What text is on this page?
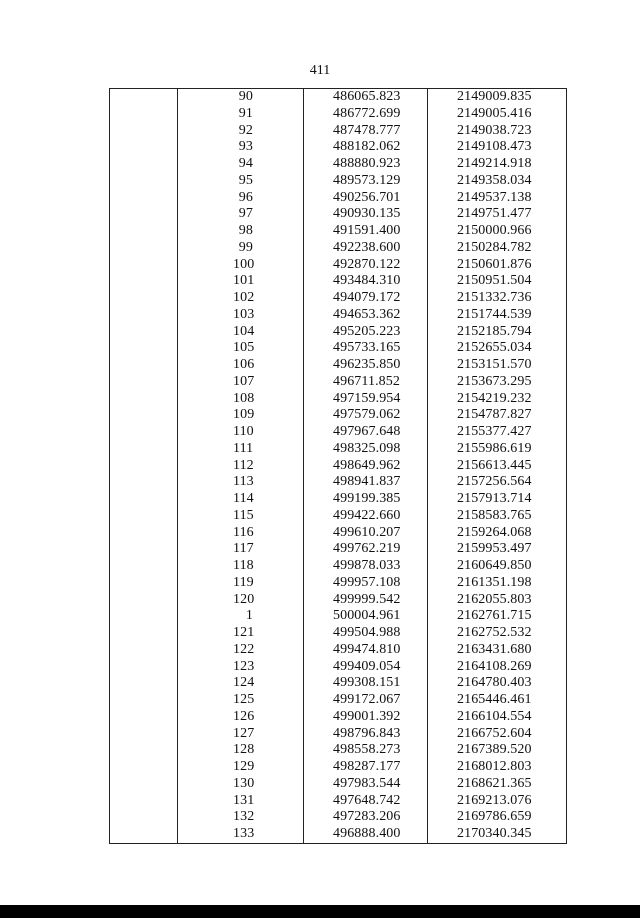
411
90	486065.823	2149009.835
91	486772.699	2149005.416
92	487478.777	2149038.723
93	488182.062	2149108.473
94	488880.923	2149214.918
95	489573.129	2149358.034
96	490256.701	2149537.138
97	490930.135	2149751.477
98	491591.400	2150000.966
99	492238.600	2150284.782
100	492870.122	2150601.876
101	493484.310	2150951.504
102	494079.172	2151332.736
103	494653.362	2151744.539
104	495205.223	2152185.794
105	495733.165	2152655.034
106	496235.850	2153151.570
107	496711.852	2153673.295
108	497159.954	2154219.232
109	497579.062	2154787.827
110	497967.648	2155377.427
111	498325.098	2155986.619
112	498649.962	2156613.445
113	498941.837	2157256.564
114	499199.385	2157913.714
115	499422.660	2158583.765
116	499610.207	2159264.068
117	499762.219	2159953.497
118	499878.033	2160649.850
119	499957.108	2161351.198
120	499999.542	2162055.803
1	500004.961	2162761.715
121	499504.988	2162752.532
122	499474.810	2163431.680
123	499409.054	2164108.269
124	499308.151	2164780.403
125	499172.067	2165446.461
126	499001.392	2166104.554
127	498796.843	2166752.604
128	498558.273	2167389.520
129	498287.177	2168012.803
130	497983.544	2168621.365
131	497648.742	2169213.076
132	497283.206	2169786.659
133	496888.400	2170340.345
